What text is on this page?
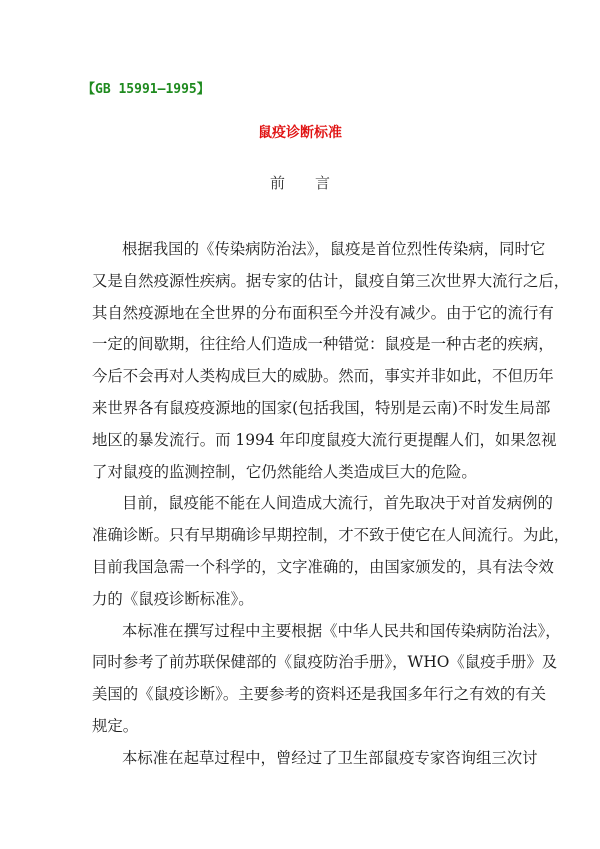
【GB 15991—1995】
鼠疫诊断标准
前　　言
根据我国的《传染病防治法》，鼠疫是首位烈性传染病，同时它
又是自然疫源性疾病。据专家的估计，鼠疫自第三次世界大流行之后，
其自然疫源地在全世界的分布面积至今并没有减少。由于它的流行有
一定的间歇期，往往给人们造成一种错觉：鼠疫是一种古老的疾病，
今后不会再对人类构成巨大的威胁。然而，事实并非如此，不但历年
来世界各有鼠疫疫源地的国家(包括我国，特别是云南)不时发生局部
地区的暴发流行。而 1994 年印度鼠疫大流行更提醒人们，如果忽视
了对鼠疫的监测控制，它仍然能给人类造成巨大的危险。
目前，鼠疫能不能在人间造成大流行，首先取决于对首发病例的
准确诊断。只有早期确诊早期控制，才不致于使它在人间流行。为此，
目前我国急需一个科学的，文字准确的，由国家颁发的，具有法令效
力的《鼠疫诊断标准》。
本标准在撰写过程中主要根据《中华人民共和国传染病防治法》，
同时参考了前苏联保健部的《鼠疫防治手册》，WHO《鼠疫手册》及
美国的《鼠疫诊断》。主要参考的资料还是我国多年行之有效的有关
规定。
本标准在起草过程中，曾经过了卫生部鼠疫专家咨询组三次讨
